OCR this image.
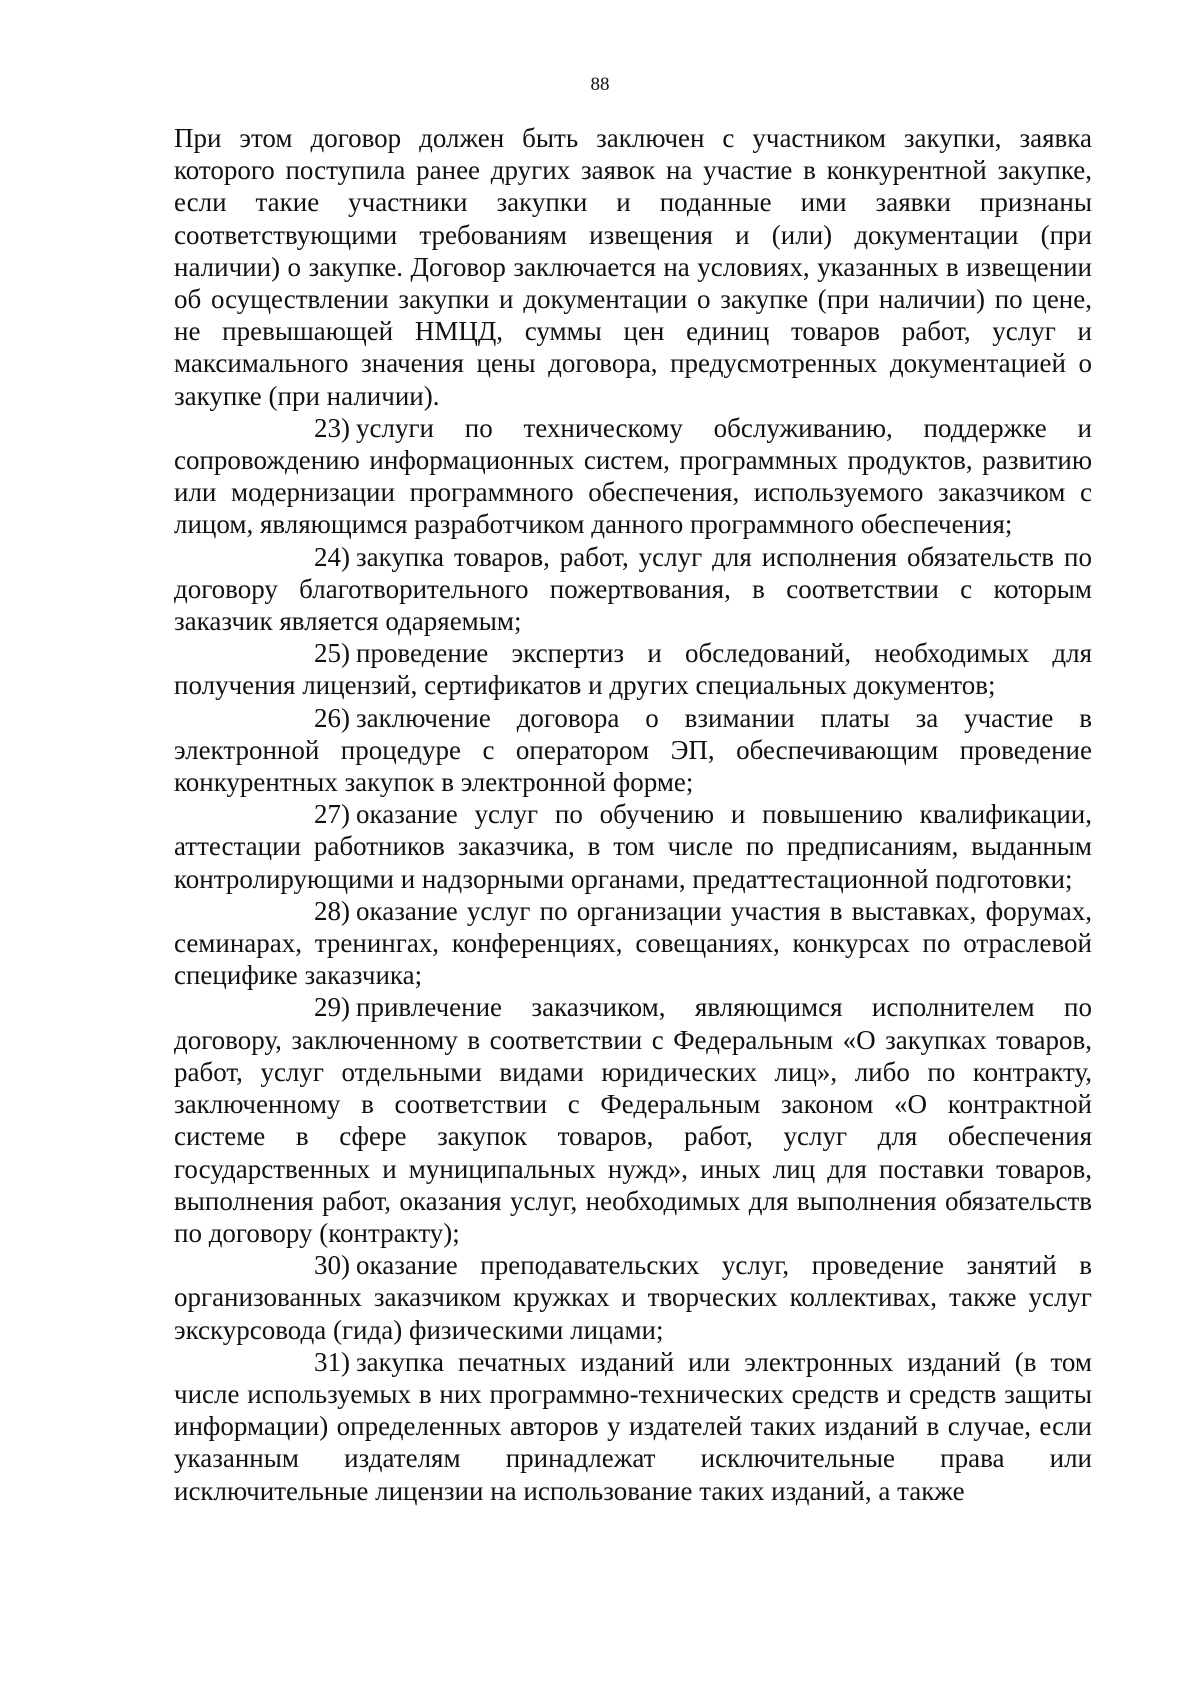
88

При этом договор должен быть заключен с участником закупки, заявка которого поступила ранее других заявок на участие в конкурентной закупке, если такие участники закупки и поданные ими заявки признаны соответствующими требованиям извещения и (или) документации (при наличии) о закупке. Договор заключается на условиях, указанных в извещении об осуществлении закупки и документации о закупке (при наличии) по цене, не превышающей НМЦД, суммы цен единиц товаров работ, услуг и максимального значения цены договора, предусмотренных документацией о закупке (при наличии).

23) услуги по техническому обслуживанию, поддержке и сопровождению информационных систем, программных продуктов, развитию или модернизации программного обеспечения, используемого заказчиком с лицом, являющимся разработчиком данного программного обеспечения;

24) закупка товаров, работ, услуг для исполнения обязательств по договору благотворительного пожертвования, в соответствии с которым заказчик является одаряемым;

25) проведение экспертиз и обследований, необходимых для получения лицензий, сертификатов и других специальных документов;

26) заключение договора о взимании платы за участие в электронной процедуре с оператором ЭП, обеспечивающим проведение конкурентных закупок в электронной форме;

27) оказание услуг по обучению и повышению квалификации, аттестации работников заказчика, в том числе по предписаниям, выданным контролирующими и надзорными органами, предаттестационной подготовки;

28) оказание услуг по организации участия в выставках, форумах, семинарах, тренингах, конференциях, совещаниях, конкурсах по отраслевой специфике заказчика;

29) привлечение заказчиком, являющимся исполнителем по договору, заключенному в соответствии с Федеральным «О закупках товаров, работ, услуг отдельными видами юридических лиц», либо по контракту, заключенному в соответствии с Федеральным законом «О контрактной системе в сфере закупок товаров, работ, услуг для обеспечения государственных и муниципальных нужд», иных лиц для поставки товаров, выполнения работ, оказания услуг, необходимых для выполнения обязательств по договору (контракту);

30) оказание преподавательских услуг, проведение занятий в организованных заказчиком кружках и творческих коллективах, также услуг экскурсовода (гида) физическими лицами;

31) закупка печатных изданий или электронных изданий (в том числе используемых в них программно-технических средств и средств защиты информации) определенных авторов у издателей таких изданий в случае, если указанным издателям принадлежат исключительные права или исключительные лицензии на использование таких изданий, а также
